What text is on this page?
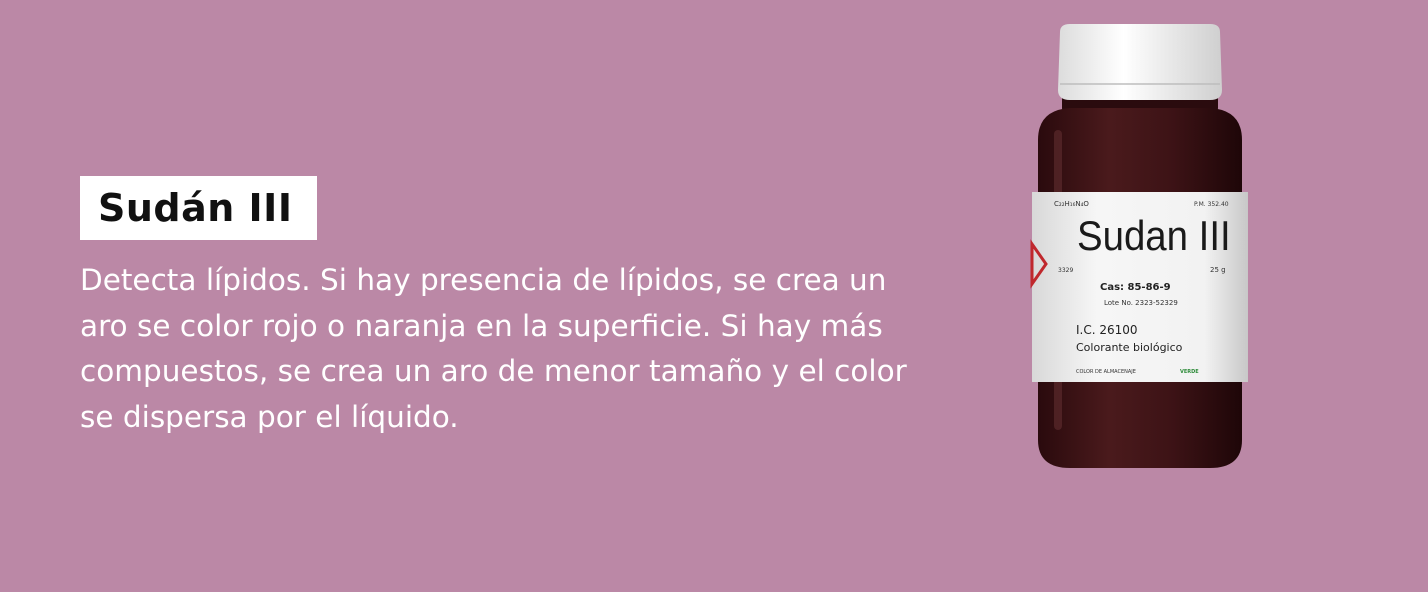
Sudán III

Detecta lípidos. Si hay presencia de lípidos, se crea un aro se color rojo o naranja en la superficie. Si hay más compuestos, se crea un aro de menor tamaño y el color se dispersa por el líquido.

C₂₂H₁₆N₄O	P.M. 352.40
Sudan III
3329	25 g
Cas: 85-86-9
Lote No. 2323-52329
I.C. 26100
Colorante biológico
COLOR DE ALMACENAJE	VERDE
